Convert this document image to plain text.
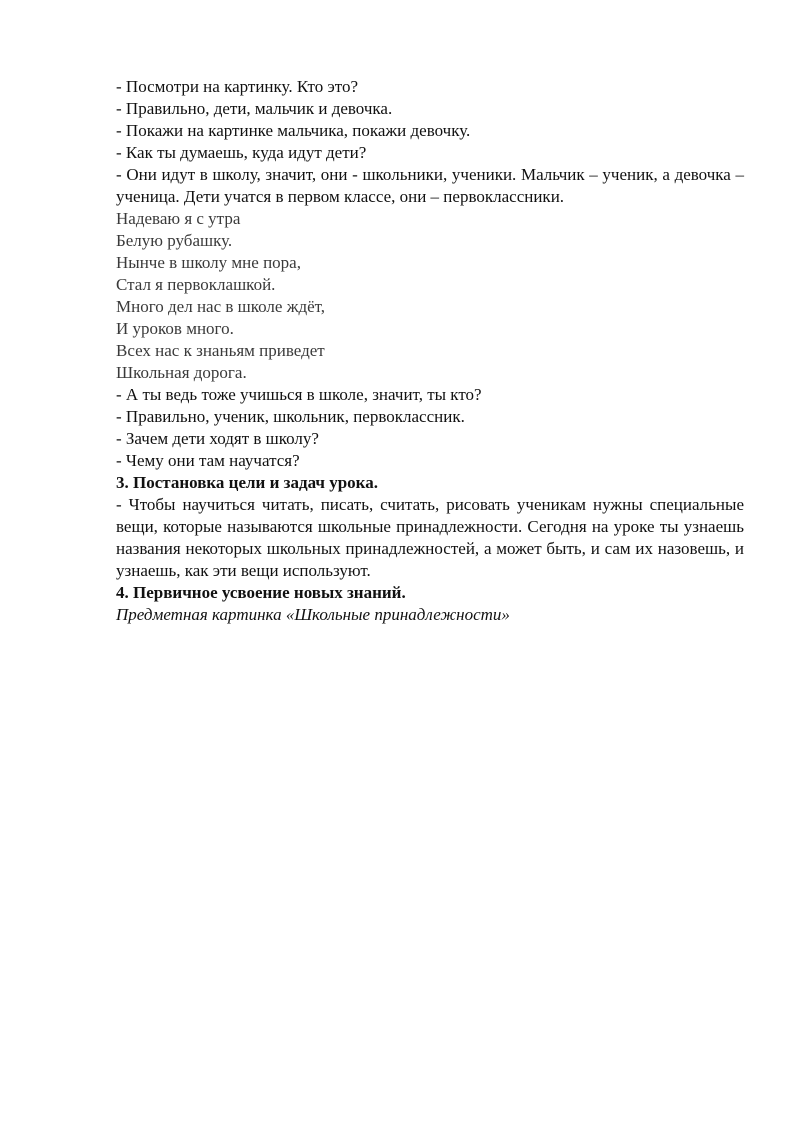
- Посмотри на картинку. Кто это?

- Правильно, дети, мальчик и девочка.

- Покажи на картинке мальчика, покажи девочку.

- Как ты думаешь, куда идут дети?

- Они идут в школу, значит, они - школьники, ученики. Мальчик – ученик, а девочка – ученица. Дети учатся в первом классе, они – первоклассники.

Надеваю я с утра

Белую рубашку.

Нынче в школу мне пора,

Стал я первоклашкой.

Много дел нас в школе ждёт,

И уроков много.

Всех нас к знаньям приведет

Школьная дорога.

- А ты ведь тоже учишься в школе, значит, ты кто?

- Правильно, ученик, школьник, первоклассник.

- Зачем дети ходят в школу?

- Чему они там научатся?

3. Постановка цели и задач урока.

- Чтобы научиться читать, писать, считать, рисовать ученикам нужны специальные вещи, которые называются школьные принадлежности. Сегодня на уроке ты узнаешь названия некоторых школьных принадлежностей, а может быть, и сам их назовешь, и узнаешь, как эти вещи используют.

4. Первичное усвоение новых знаний.

Предметная картинка «Школьные принадлежности»
